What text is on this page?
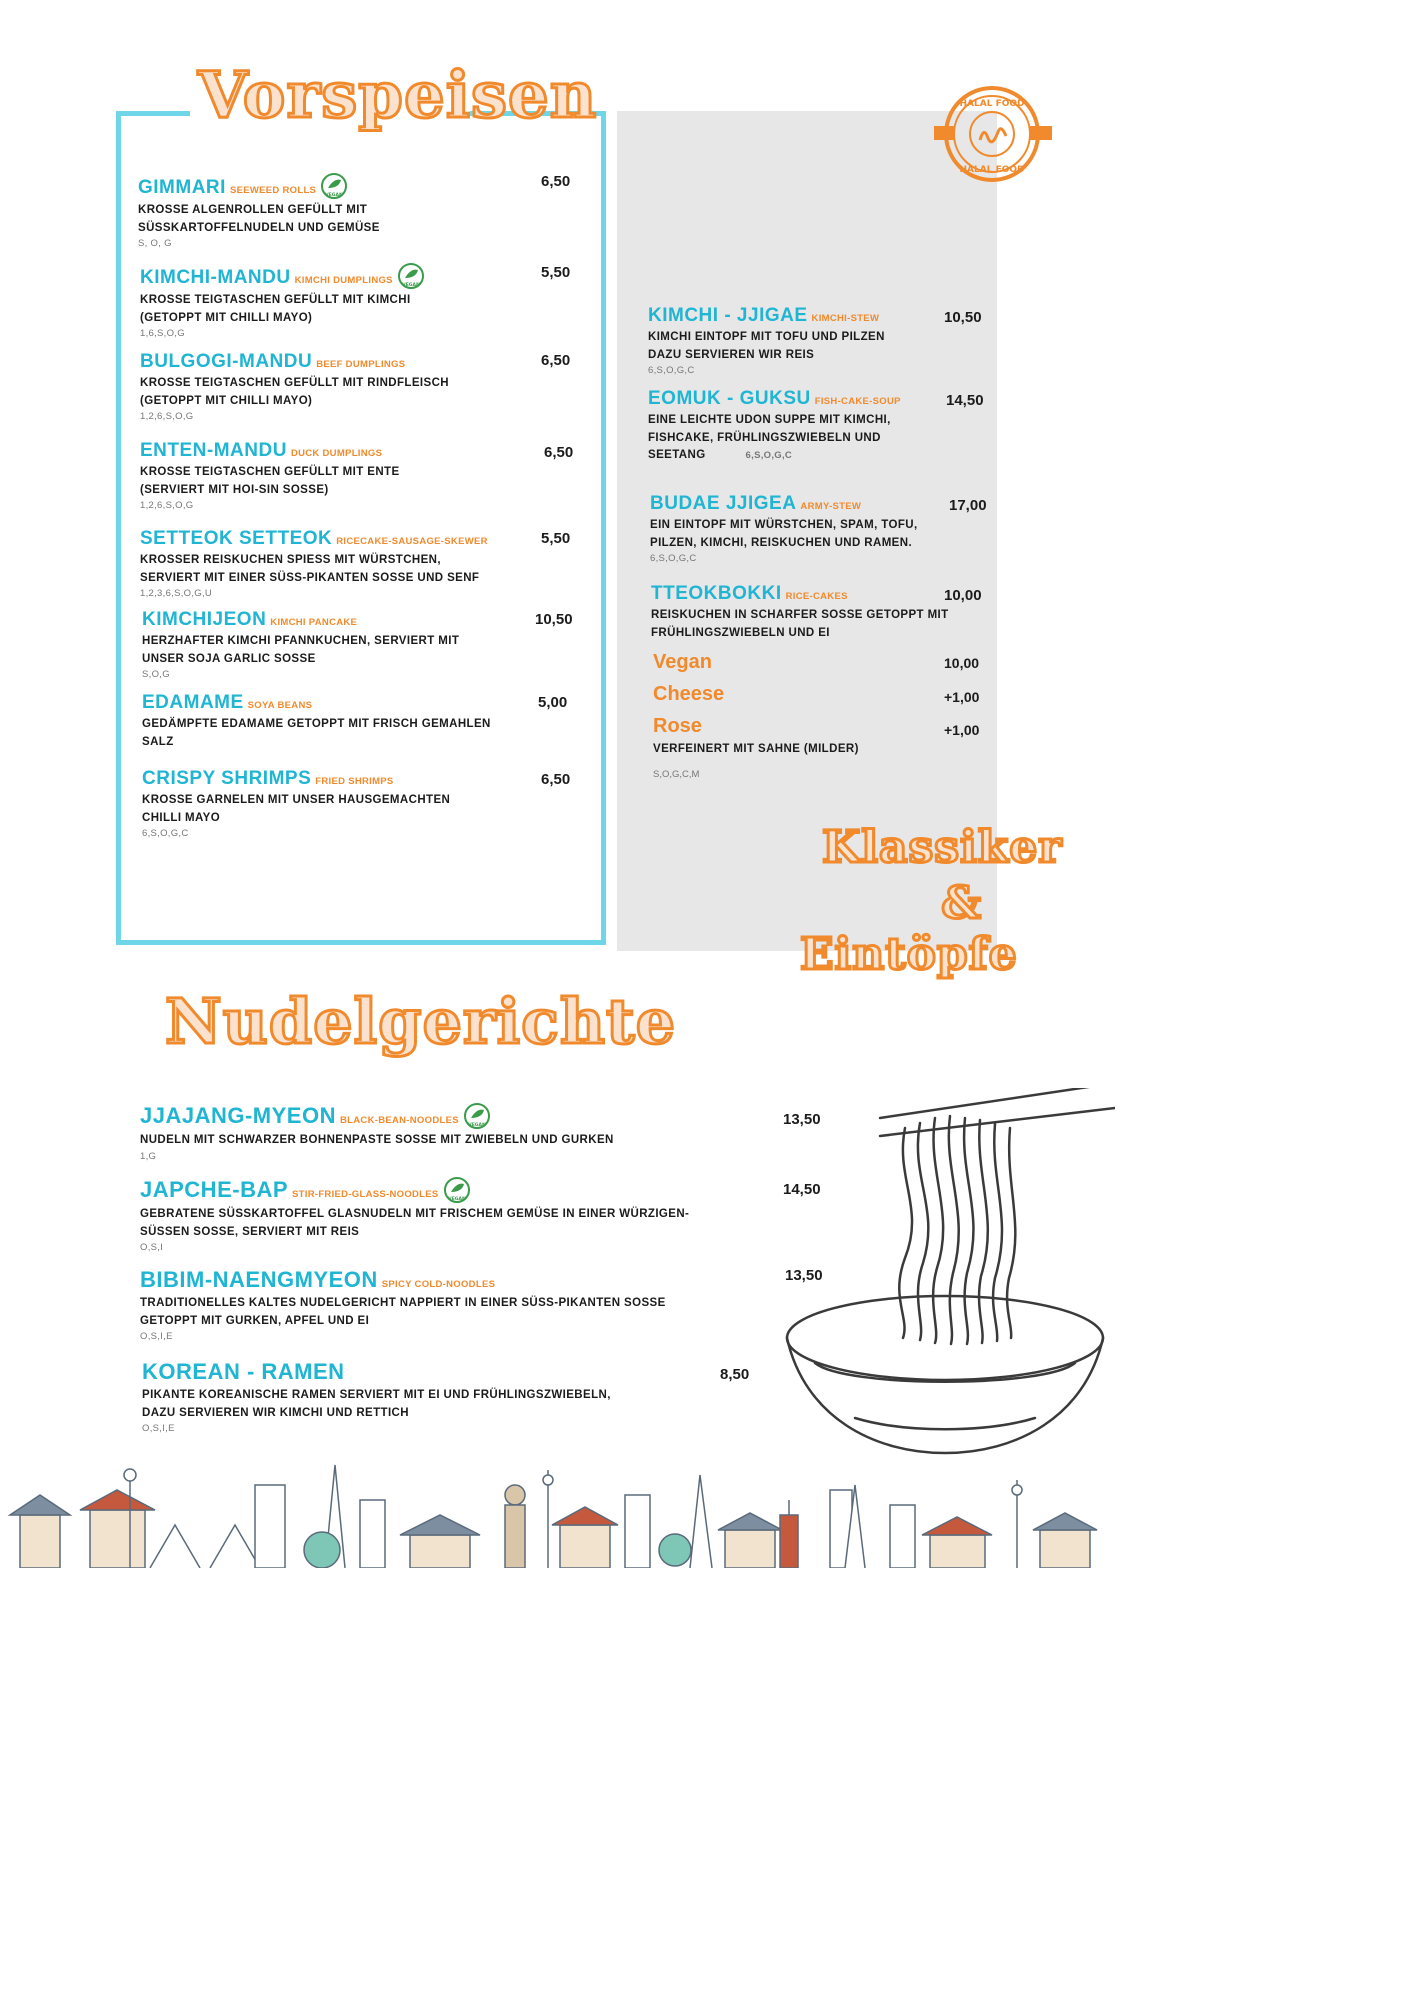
Vorspeisen	HALAL FOOD
HALAL FOOD
GIMMARI SEEWEED ROLLS VEGAN
KROSSE ALGENROLLEN GEFÜLLT MIT
SÜSSKARTOFFELNUDELN UND GEMÜSE
S, O, G
6,50
KIMCHI-MANDU KIMCHI DUMPLINGS VEGAN
KROSSE TEIGTASCHEN GEFÜLLT MIT KIMCHI
(GETOPPT MIT CHILLI MAYO)
1,6,S,O,G
5,50
BULGOGI-MANDU BEEF DUMPLINGS
KROSSE TEIGTASCHEN GEFÜLLT MIT RINDFLEISCH
(GETOPPT MIT CHILLI MAYO)
1,2,6,S,O,G
6,50
ENTEN-MANDU DUCK DUMPLINGS
KROSSE TEIGTASCHEN GEFÜLLT MIT ENTE
(SERVIERT MIT HOI-SIN SOSSE)
1,2,6,S,O,G
6,50
SETTEOK SETTEOK RICECAKE-SAUSAGE-SKEWER
KROSSER REISKUCHEN SPIESS MIT WÜRSTCHEN,
SERVIERT MIT EINER SÜSS-PIKANTEN SOSSE UND SENF
1,2,3,6,S,O,G,U
5,50
KIMCHIJEON KIMCHI PANCAKE
HERZHAFTER KIMCHI PFANNKUCHEN, SERVIERT MIT
UNSER SOJA GARLIC SOSSE
S,O,G
10,50
EDAMAME SOYA BEANS
GEDÄMPFTE EDAMAME GETOPPT MIT FRISCH GEMAHLEN
SALZ
5,00
CRISPY SHRIMPS FRIED SHRIMPS
KROSSE GARNELEN MIT UNSER HAUSGEMACHTEN
CHILLI MAYO
6,S,O,G,C
6,50
KIMCHI - JJIGAE KIMCHI-STEW
KIMCHI EINTOPF MIT TOFU UND PILZEN
DAZU SERVIEREN WIR REIS
6,S,O,G,C
10,50
EOMUK - GUKSU FISH-CAKE-SOUP
EINE LEICHTE UDON SUPPE MIT KIMCHI,
FISHCAKE, FRÜHLINGSZWIEBELN UND
SEETANG	6,S,O,G,C
14,50
BUDAE JJIGEA ARMY-STEW
EIN EINTOPF MIT WÜRSTCHEN, SPAM, TOFU,
PILZEN, KIMCHI, REISKUCHEN UND RAMEN.
6,S,O,G,C
17,00
TTEOKBOKKI RICE-CAKES
REISKUCHEN IN SCHARFER SOSSE GETOPPT MIT
FRÜHLINGSZWIEBELN UND EI
10,00
Vegan	10,00
Cheese	+1,00
Rose	+1,00
VERFEINERT MIT SAHNE (MILDER)
S,O,G,C,M
Klassiker
& Eintöpfe
Nudelgerichte
JJAJANG-MYEON BLACK-BEAN-NOODLES VEGAN
NUDELN MIT SCHWARZER BOHNENPASTE SOSSE MIT ZWIEBELN UND GURKEN
1,G
13,50
JAPCHE-BAP STIR-FRIED-GLASS-NOODLES VEGAN
GEBRATENE SÜSSKARTOFFEL GLASNUDELN MIT FRISCHEM GEMÜSE IN EINER WÜRZIGEN-
SÜSSEN SOSSE, SERVIERT MIT REIS
O,S,I
14,50
BIBIM-NAENGMYEON SPICY COLD-NOODLES
TRADITIONELLES KALTES NUDELGERICHT NAPPIERT IN EINER SÜSS-PIKANTEN SOSSE
GETOPPT MIT GURKEN, APFEL UND EI
O,S,I,E
13,50
KOREAN - RAMEN
PIKANTE KOREANISCHE RAMEN SERVIERT MIT EI UND FRÜHLINGSZWIEBELN,
DAZU SERVIEREN WIR KIMCHI UND RETTICH
O,S,I,E
8,50
